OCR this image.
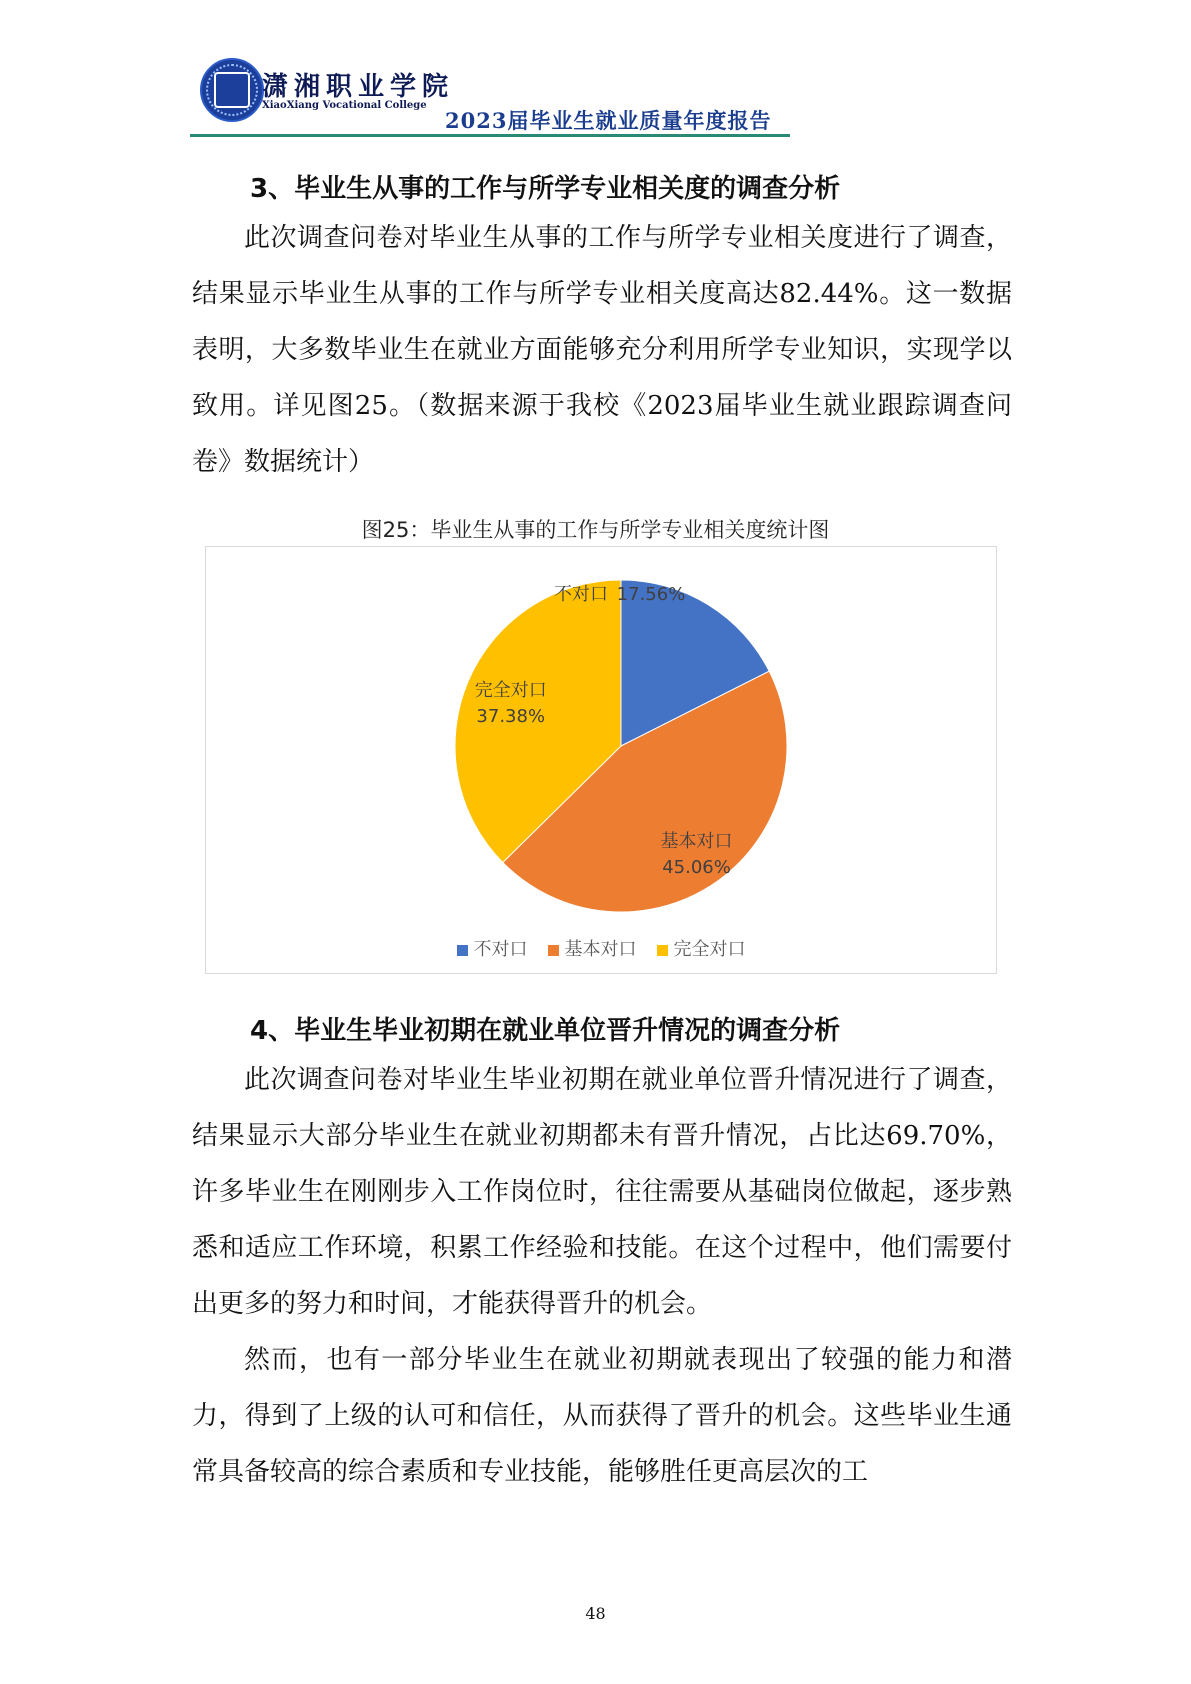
潇湘职业学院
XiaoXiang Vocational College
2023届毕业生就业质量年度报告
3、毕业生从事的工作与所学专业相关度的调查分析

此次调查问卷对毕业生从事的工作与所学专业相关度进行了调查，结果显示毕业生从事的工作与所学专业相关度高达82.44%。这一数据表明，大多数毕业生在就业方面能够充分利用所学专业知识，实现学以致用。详见图25。（数据来源于我校《2023届毕业生就业跟踪调查问卷》数据统计）

图25：毕业生从事的工作与所学专业相关度统计图
不对口 17.56%
基本对口
45.06%
完全对口
37.38%
不对口 基本对口 完全对口
4、毕业生毕业初期在就业单位晋升情况的调查分析

此次调查问卷对毕业生毕业初期在就业单位晋升情况进行了调查，结果显示大部分毕业生在就业初期都未有晋升情况，占比达69.70%，许多毕业生在刚刚步入工作岗位时，往往需要从基础岗位做起，逐步熟悉和适应工作环境，积累工作经验和技能。在这个过程中，他们需要付出更多的努力和时间，才能获得晋升的机会。

然而，也有一部分毕业生在就业初期就表现出了较强的能力和潜力，得到了上级的认可和信任，从而获得了晋升的机会。这些毕业生通常具备较高的综合素质和专业技能，能够胜任更高层次的工

48
